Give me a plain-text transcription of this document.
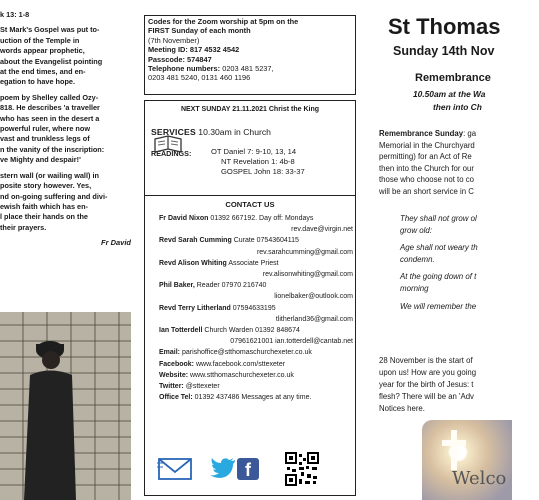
k 13: 1-8

St Mark's Gospel was put to-
uction of the Temple in
words appear prophetic,
about the Evangelist pointing
at the end times, and en-
egation to have hope.

poem by Shelley called Ozy-
818. He describes 'a traveller
who has seen in the desert a
powerful ruler, where now
vast and trunkless legs of
n the vanity of the inscription:
ve Mighty and despair!'

stern wall (or wailing wall) in
posite story however. Yes,
nd on-going suffering and divi-
ewish faith which has en-
l place their hands on the
their prayers.

Fr David
Codes for the Zoom worship at 5pm on the
FIRST Sunday of each month
(7th November)
Meeting ID: 817 4532 4542
Passcode: 574847
Telephone numbers: 0203 481 5237,
0203 481 5240, 0131 460 1196
NEXT SUNDAY 21.11.2021 Christ the King
SERVICES 10.30am in Church
READINGS:	OT Daniel 7: 9-10, 13, 14
NT Revelation 1: 4b-8
GOSPEL John 18: 33-37
CONTACT US
Fr David Nixon 01392 667192. Day off: Mondays
rev.dave@virgin.net
Revd Sarah Cumming Curate 07543604115
rev.sarahcumming@gmail.com
Revd Alison Whiting Associate Priest
rev.alisonwhiting@gmail.com
Phil Baker, Reader 07970 216740
lionelbaker@outlook.com
Revd Terry Litherland 07594633195
tlitherland36@gmail.com
Ian Totterdell Church Warden 01392 848674
07961621001 ian.totterdell@cantab.net
Email: parishoffice@stthomaschurchexeter.co.uk
Facebook: www.facebook.com/sttexeter
Website: www.stthomaschurchexeter.co.uk
Twitter: @sttexeter
Office Tel: 01392 437486 Messages at any time.
f
St Thomas
Sunday 14th Nov
Remembrance
10.50am at the Wa
then into Ch
Remembrance Sunday: ga
Memorial in the Churchyard
permitting) for an Act of Re
then into the Church for our
those who choose not to co
will be an short service in C

They shall not grow ol
grow old:

Age shall not weary th
condemn.

At the going down of t
morning

We will remember the

28 November is the start of
upon us! How are you going
year for the birth of Jesus: t
flesh? There will be an 'Adv
Notices here.
Welco
